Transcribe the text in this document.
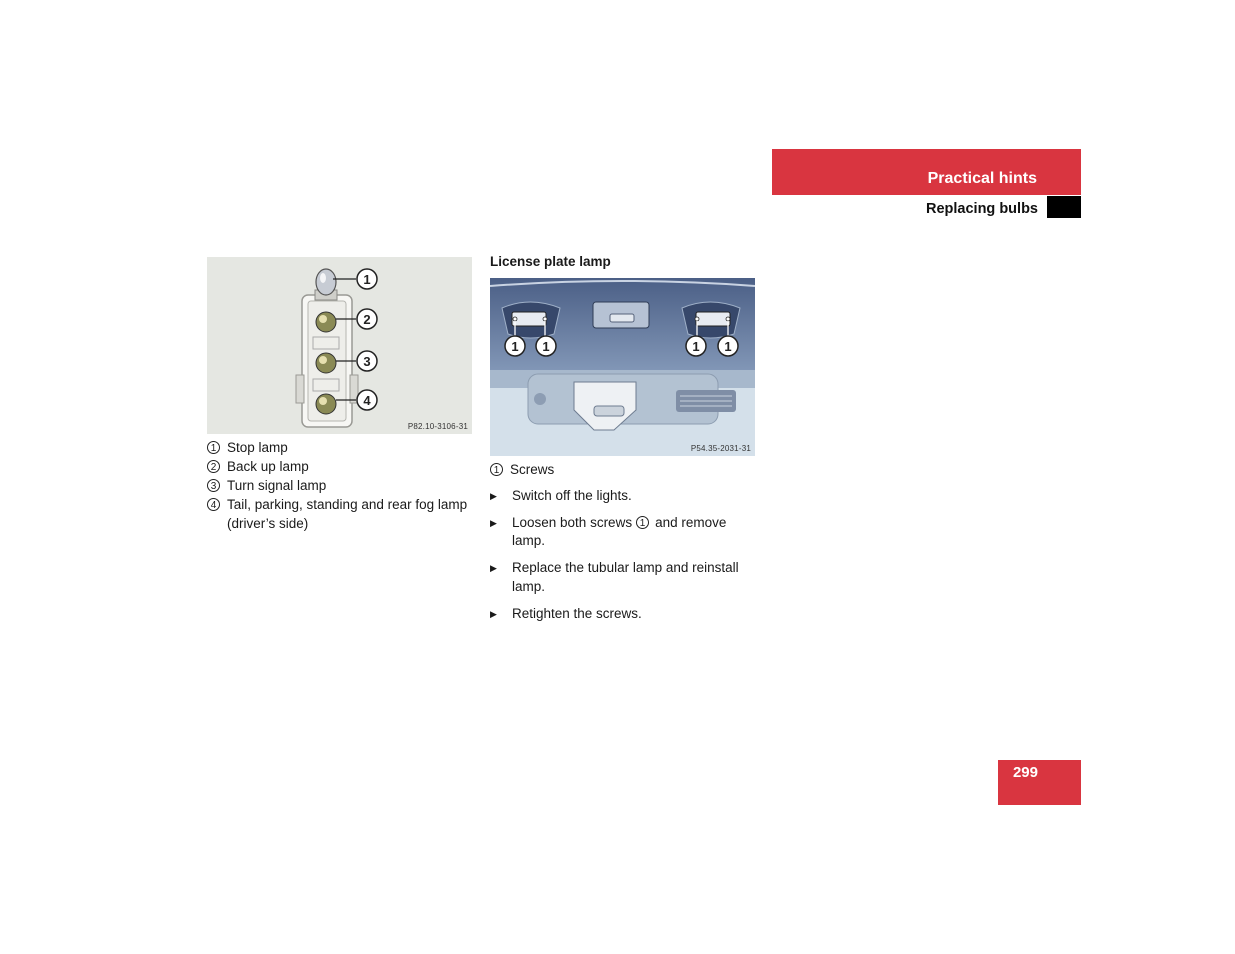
Practical hints
Replacing bulbs
1
2
3
4
P82.10-3106-31
1 Stop lamp
2 Back up lamp
3 Turn signal lamp
4 Tail, parking, standing and rear fog lamp (driver’s side)
License plate lamp
1 1	1 1
P54.35-2031-31
1 Screws
▶	Switch off the lights.
▶	Loosen both screws 1 and remove lamp.
▶	Replace the tubular lamp and reinstall lamp.
▶	Retighten the screws.
299
